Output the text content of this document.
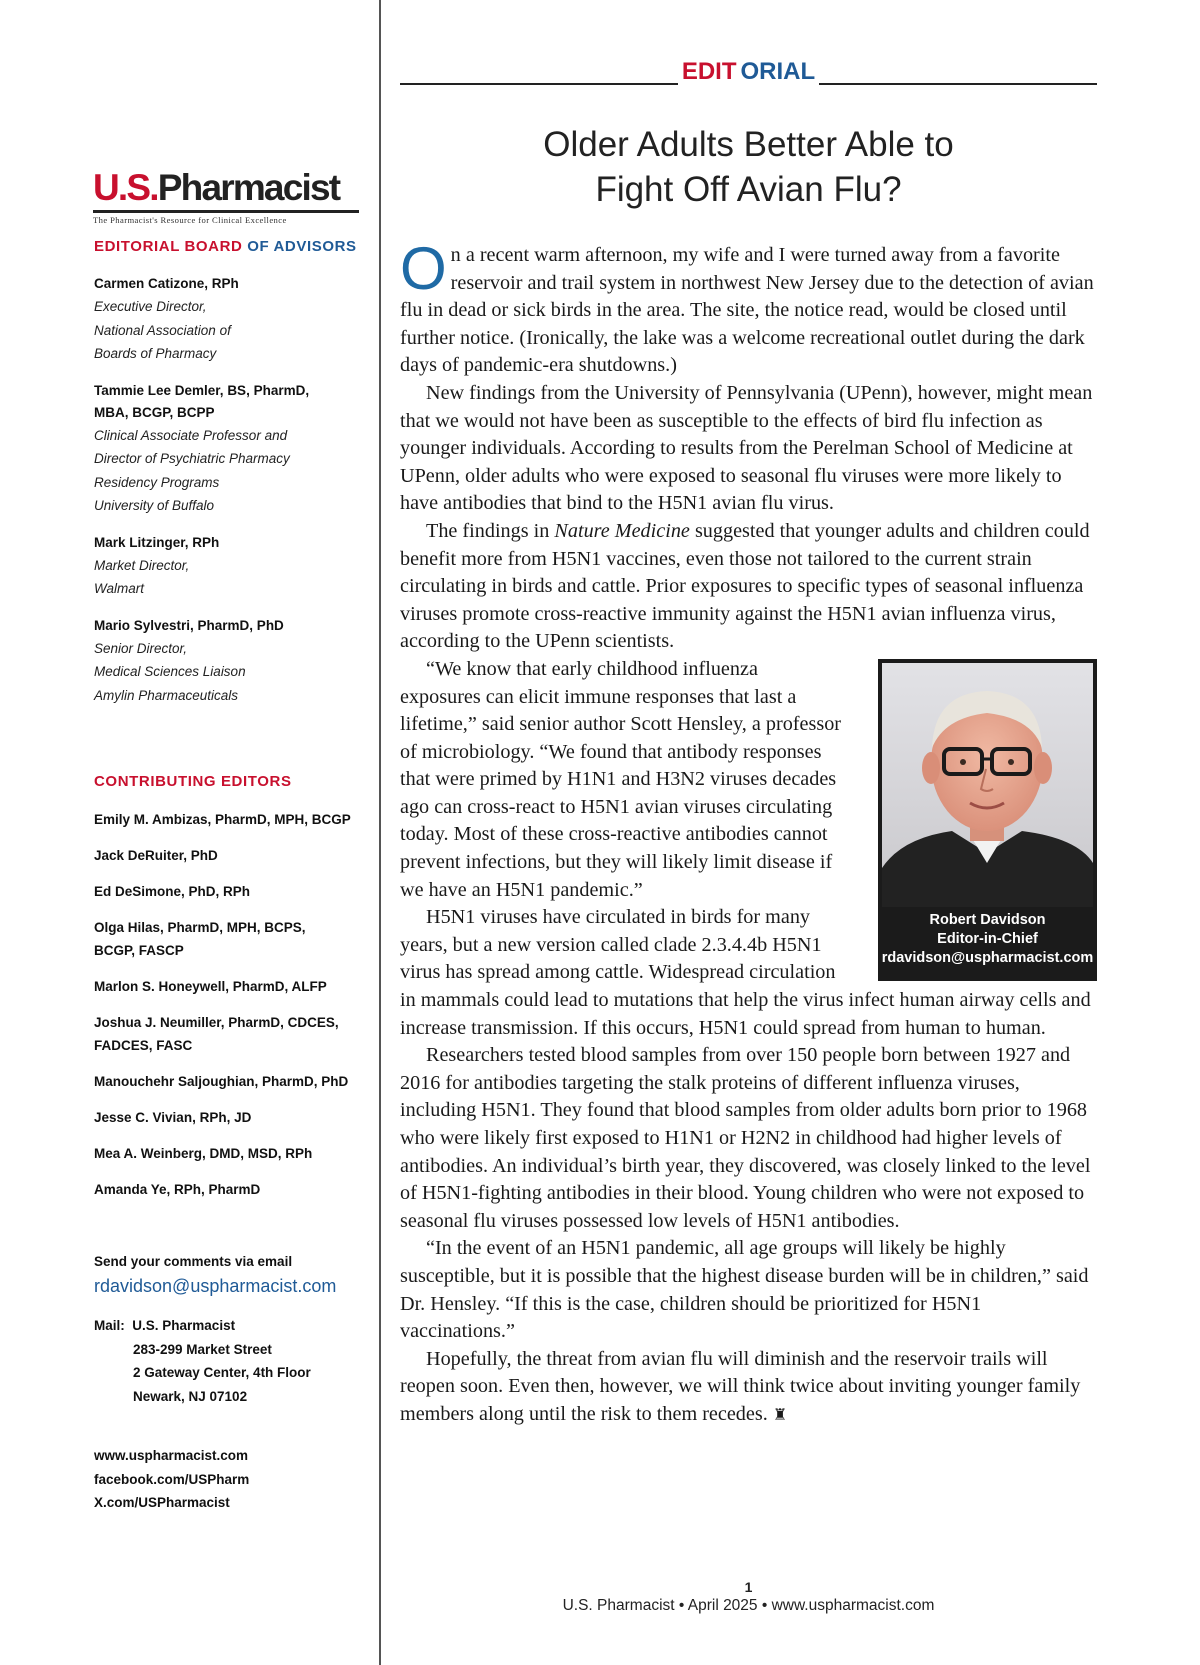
U.S.Pharmacist
The Pharmacist's Resource for Clinical Excellence
EDITORIAL BOARD OF ADVISORS
Carmen Catizone, RPh
Executive Director,
National Association of
Boards of Pharmacy
Tammie Lee Demler, BS, PharmD, MBA, BCGP, BCPP
Clinical Associate Professor and
Director of Psychiatric Pharmacy
Residency Programs
University of Buffalo
Mark Litzinger, RPh
Market Director,
Walmart
Mario Sylvestri, PharmD, PhD
Senior Director,
Medical Sciences Liaison
Amylin Pharmaceuticals
CONTRIBUTING EDITORS
Emily M. Ambizas, PharmD, MPH, BCGP
Jack DeRuiter, PhD
Ed DeSimone, PhD, RPh
Olga Hilas, PharmD, MPH, BCPS, BCGP, FASCP
Marlon S. Honeywell, PharmD, ALFP
Joshua J. Neumiller, PharmD, CDCES, FADCES, FASC
Manouchehr Saljoughian, PharmD, PhD
Jesse C. Vivian, RPh, JD
Mea A. Weinberg, DMD, MSD, RPh
Amanda Ye, RPh, PharmD
Send your comments via email
rdavidson@uspharmacist.com
Mail: U.S. Pharmacist
283-299 Market Street
2 Gateway Center, 4th Floor
Newark, NJ 07102
www.uspharmacist.com
facebook.com/USPharm
X.com/USPharmacist
EDIT ORIAL
Older Adults Better Able to
Fight Off Avian Flu?

On a recent warm afternoon, my wife and I were turned away from a favorite reservoir and trail system in northwest New Jersey due to the detection of avian flu in dead or sick birds in the area. The site, the notice read, would be closed until further notice. (Ironically, the lake was a welcome recreational outlet during the dark days of pandemic-era shutdowns.)

New findings from the University of Pennsylvania (UPenn), however, might mean that we would not have been as susceptible to the effects of bird flu infection as younger individuals. According to results from the Perelman School of Medicine at UPenn, older adults who were exposed to seasonal flu viruses were more likely to have antibodies that bind to the H5N1 avian flu virus.

The findings in Nature Medicine suggested that younger adults and children could benefit more from H5N1 vaccines, even those not tailored to the current strain circulating in birds and cattle. Prior exposures to specific types of seasonal influenza viruses promote cross-reactive immunity against the H5N1 avian influenza virus, according to the UPenn scientists.

Robert Davidson
Editor-in-Chief
rdavidson@uspharmacist.com

“We know that early childhood influenza exposures can elicit immune responses that last a lifetime,” said senior author Scott Hensley, a professor of microbiology. “We found that antibody responses that were primed by H1N1 and H3N2 viruses decades ago can cross-react to H5N1 avian viruses circulating today. Most of these cross-reactive antibodies cannot prevent infections, but they will likely limit disease if we have an H5N1 pandemic.”

H5N1 viruses have circulated in birds for many years, but a new version called clade 2.3.4.4b H5N1 virus has spread among cattle. Widespread circulation in mammals could lead to mutations that help the virus infect human airway cells and increase transmission. If this occurs, H5N1 could spread from human to human.

Researchers tested blood samples from over 150 people born between 1927 and 2016 for antibodies targeting the stalk proteins of different influenza viruses, including H5N1. They found that blood samples from older adults born prior to 1968 who were likely first exposed to H1N1 or H2N2 in childhood had higher levels of antibodies. An individual’s birth year, they discovered, was closely linked to the level of H5N1-fighting antibodies in their blood. Young children who were not exposed to seasonal flu viruses possessed low levels of H5N1 antibodies.

“In the event of an H5N1 pandemic, all age groups will likely be highly susceptible, but it is possible that the highest disease burden will be in children,” said Dr. Hensley. “If this is the case, children should be prioritized for H5N1 vaccinations.”

Hopefully, the threat from avian flu will diminish and the reservoir trails will reopen soon. Even then, however, we will think twice about inviting younger family members along until the risk to them recedes. ♜

1
U.S. Pharmacist • April 2025 • www.uspharmacist.com
